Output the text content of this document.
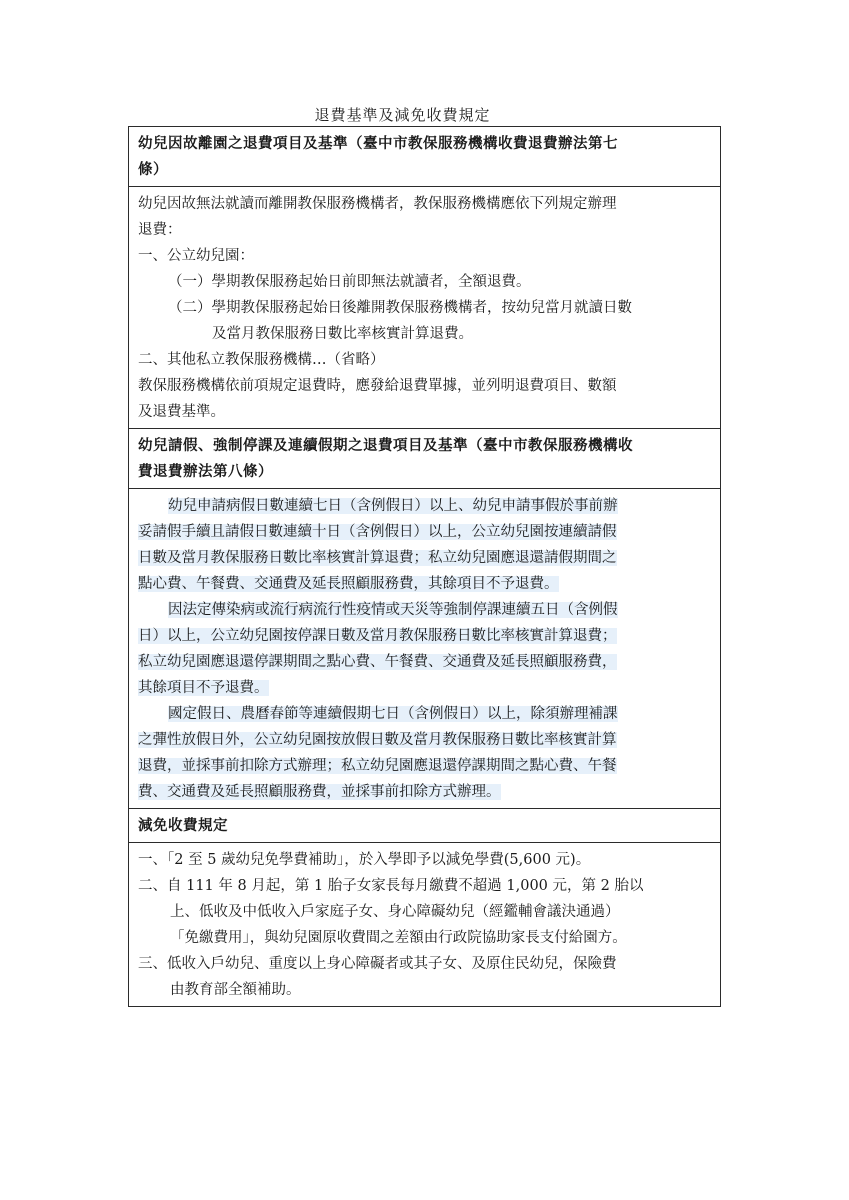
退費基準及減免收費規定
幼兒因故離園之退費項目及基準（臺中市教保服務機構收費退費辦法第七
條）

幼兒因故無法就讀而離開教保服務機構者，教保服務機構應依下列規定辦理
退費：
一、公立幼兒園：
（一）學期教保服務起始日前即無法就讀者，全額退費。
（二）學期教保服務起始日後離開教保服務機構者，按幼兒當月就讀日數
及當月教保服務日數比率核實計算退費。
二、其他私立教保服務機構…（省略）
教保服務機構依前項規定退費時，應發給退費單據，並列明退費項目、數額
及退費基準。

幼兒請假、強制停課及連續假期之退費項目及基準（臺中市教保服務機構收
費退費辦法第八條）

幼兒申請病假日數連續七日（含例假日）以上、幼兒申請事假於事前辦
妥請假手續且請假日數連續十日（含例假日）以上，公立幼兒園按連續請假
日數及當月教保服務日數比率核實計算退費；私立幼兒園應退還請假期間之
點心費、午餐費、交通費及延長照顧服務費，其餘項目不予退費。
因法定傳染病或流行病流行性疫情或天災等強制停課連續五日（含例假
日）以上，公立幼兒園按停課日數及當月教保服務日數比率核實計算退費；
私立幼兒園應退還停課期間之點心費、午餐費、交通費及延長照顧服務費，
其餘項目不予退費。
國定假日、農曆春節等連續假期七日（含例假日）以上，除須辦理補課
之彈性放假日外，公立幼兒園按放假日數及當月教保服務日數比率核實計算
退費，並採事前扣除方式辦理；私立幼兒園應退還停課期間之點心費、午餐
費、交通費及延長照顧服務費，並採事前扣除方式辦理。

減免收費規定

一、「2 至 5 歲幼兒免學費補助」，於入學即予以減免學費(5,600 元)。
二、自 111 年 8 月起，第 1 胎子女家長每月繳費不超過 1,000 元，第 2 胎以
上、低收及中低收入戶家庭子女、身心障礙幼兒（經鑑輔會議決通過）
「免繳費用」，與幼兒園原收費間之差額由行政院協助家長支付給園方。
三、低收入戶幼兒、重度以上身心障礙者或其子女、及原住民幼兒，保險費
由教育部全額補助。
